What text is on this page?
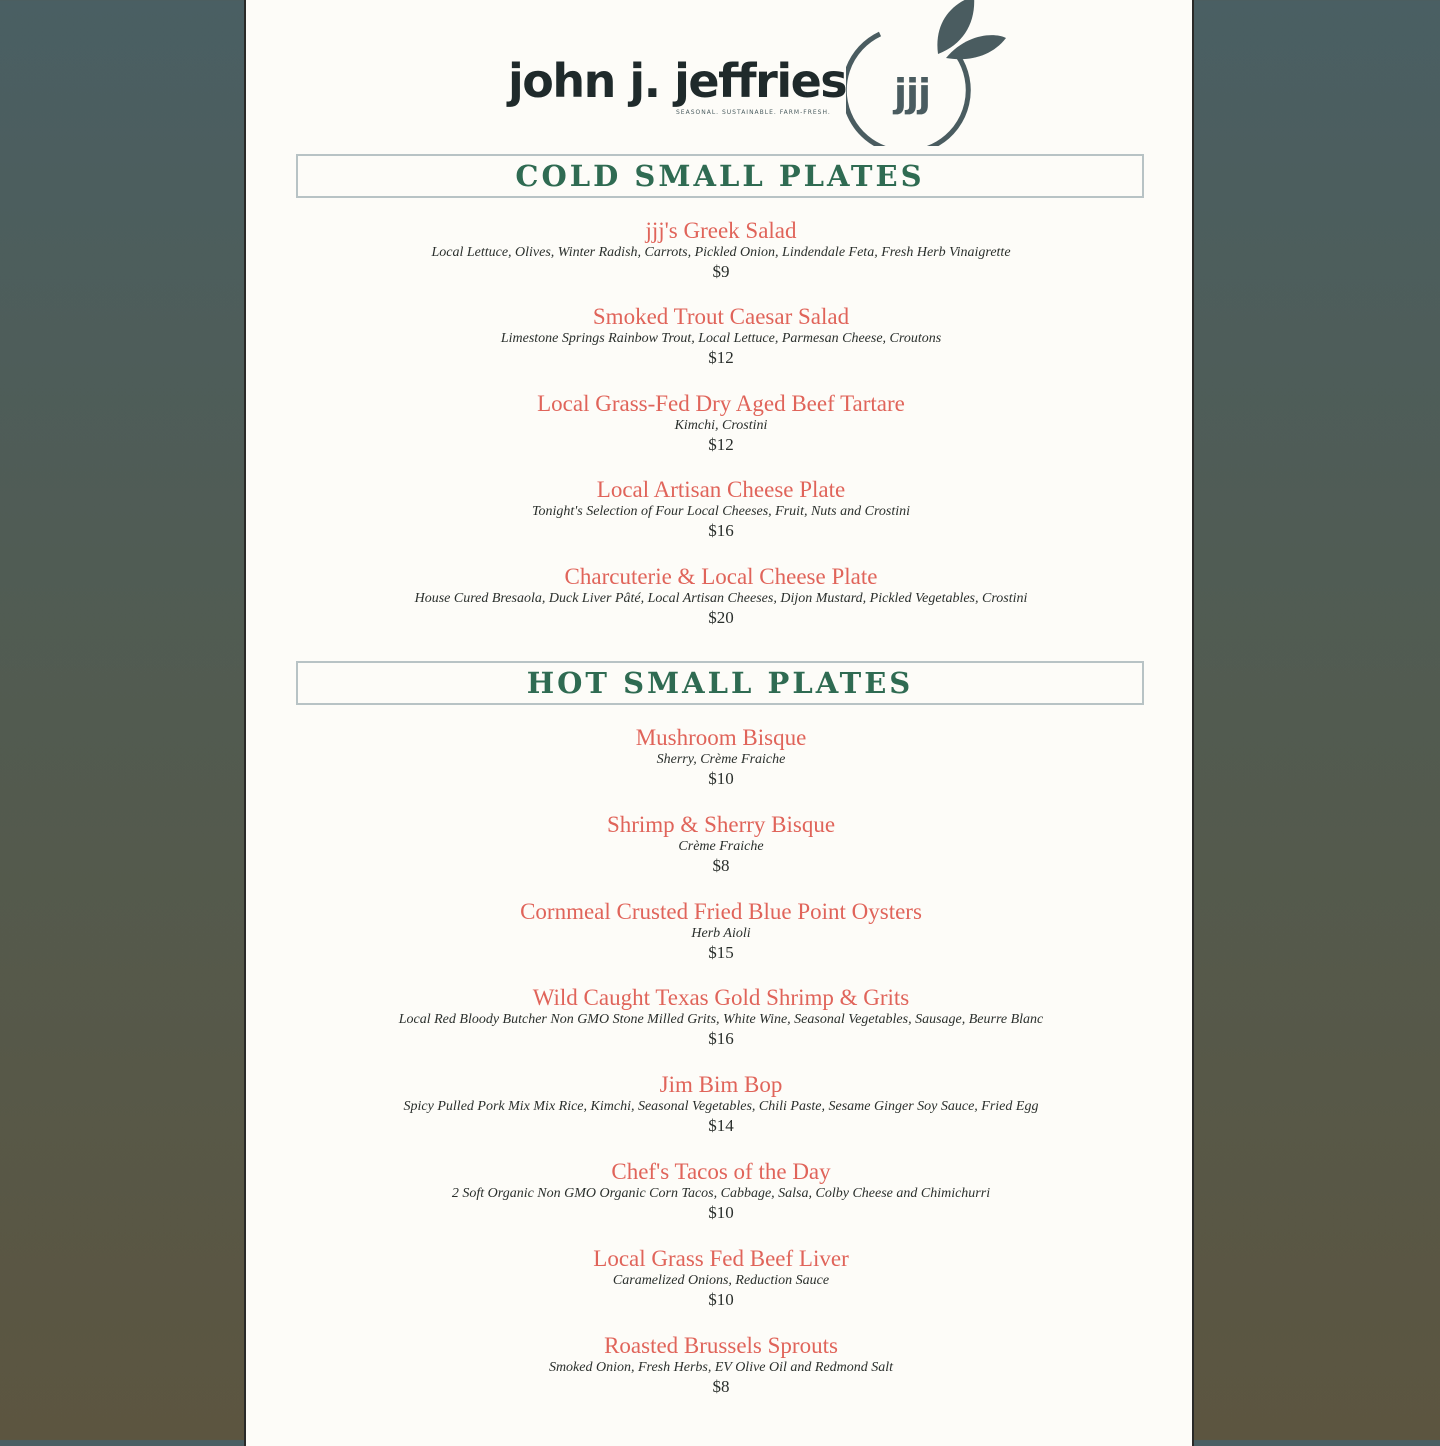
john j. jeffries
SEASONAL. SUSTAINABLE. FARM-FRESH. jjj
COLD SMALL PLATES
jjj's Greek Salad
Local Lettuce, Olives, Winter Radish, Carrots, Pickled Onion, Lindendale Feta, Fresh Herb Vinaigrette
$9
Smoked Trout Caesar Salad
Limestone Springs Rainbow Trout, Local Lettuce, Parmesan Cheese, Croutons
$12
Local Grass-Fed Dry Aged Beef Tartare
Kimchi, Crostini
$12
Local Artisan Cheese Plate
Tonight's Selection of Four Local Cheeses, Fruit, Nuts and Crostini
$16
Charcuterie & Local Cheese Plate
House Cured Bresaola, Duck Liver Pâté, Local Artisan Cheeses, Dijon Mustard, Pickled Vegetables, Crostini
$20
HOT SMALL PLATES
Mushroom Bisque
Sherry, Crème Fraiche
$10
Shrimp & Sherry Bisque
Crème Fraiche
$8
Cornmeal Crusted Fried Blue Point Oysters
Herb Aioli
$15
Wild Caught Texas Gold Shrimp & Grits
Local Red Bloody Butcher Non GMO Stone Milled Grits, White Wine, Seasonal Vegetables, Sausage, Beurre Blanc
$16
Jim Bim Bop
Spicy Pulled Pork Mix Mix Rice, Kimchi, Seasonal Vegetables, Chili Paste, Sesame Ginger Soy Sauce, Fried Egg
$14
Chef's Tacos of the Day
2 Soft Organic Non GMO Organic Corn Tacos, Cabbage, Salsa, Colby Cheese and Chimichurri
$10
Local Grass Fed Beef Liver
Caramelized Onions, Reduction Sauce
$10
Roasted Brussels Sprouts
Smoked Onion, Fresh Herbs, EV Olive Oil and Redmond Salt
$8
